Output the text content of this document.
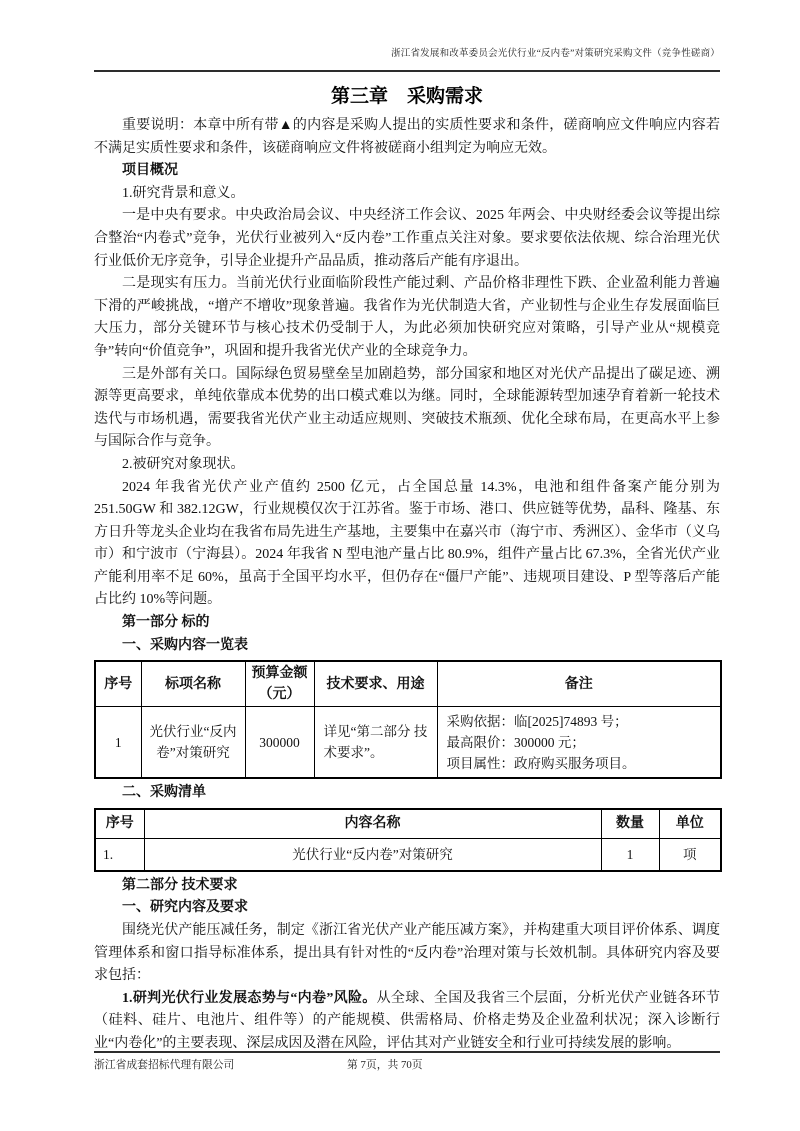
浙江省发展和改革委员会光伏行业“反内卷”对策研究采购文件（竞争性磋商）
第三章　采购需求

重要说明：本章中所有带▲的内容是采购人提出的实质性要求和条件，磋商响应文件响应内容若不满足实质性要求和条件，该磋商响应文件将被磋商小组判定为响应无效。

项目概况

1.研究背景和意义。

一是中央有要求。中央政治局会议、中央经济工作会议、2025 年两会、中央财经委会议等提出综合整治“内卷式”竞争，光伏行业被列入“反内卷”工作重点关注对象。要求要依法依规、综合治理光伏行业低价无序竞争，引导企业提升产品品质，推动落后产能有序退出。

二是现实有压力。当前光伏行业面临阶段性产能过剩、产品价格非理性下跌、企业盈利能力普遍下滑的严峻挑战，“增产不增收”现象普遍。我省作为光伏制造大省，产业韧性与企业生存发展面临巨大压力，部分关键环节与核心技术仍受制于人，为此必须加快研究应对策略，引导产业从“规模竞争”转向“价值竞争”，巩固和提升我省光伏产业的全球竞争力。

三是外部有关口。国际绿色贸易壁垒呈加剧趋势，部分国家和地区对光伏产品提出了碳足迹、溯源等更高要求，单纯依靠成本优势的出口模式难以为继。同时，全球能源转型加速孕育着新一轮技术迭代与市场机遇，需要我省光伏产业主动适应规则、突破技术瓶颈、优化全球布局，在更高水平上参与国际合作与竞争。

2.被研究对象现状。

2024 年我省光伏产业产值约 2500 亿元，占全国总量 14.3%，电池和组件备案产能分别为 251.50GW 和 382.12GW，行业规模仅次于江苏省。鉴于市场、港口、供应链等优势，晶科、隆基、东方日升等龙头企业均在我省布局先进生产基地，主要集中在嘉兴市（海宁市、秀洲区）、金华市（义乌市）和宁波市（宁海县）。2024 年我省 N 型电池产量占比 80.9%，组件产量占比 67.3%，全省光伏产业产能利用率不足 60%，虽高于全国平均水平，但仍存在“僵尸产能”、违规项目建设、P 型等落后产能占比约 10%等问题。

第一部分 标的

一、采购内容一览表

序号	标项名称	预算金额（元）	技术要求、用途	备注
1	光伏行业“反内卷”对策研究	300000	详见“第二部分 技术要求”。	采购依据：临[2025]74893 号；
最高限价：300000 元；
项目属性：政府购买服务项目。

二、采购清单

序号	内容名称	数量	单位
1.	光伏行业“反内卷”对策研究	1	项

第二部分 技术要求

一、研究内容及要求

围绕光伏产能压减任务，制定《浙江省光伏产业产能压减方案》，并构建重大项目评价体系、调度管理体系和窗口指导标准体系，提出具有针对性的“反内卷”治理对策与长效机制。具体研究内容及要求包括：

1.研判光伏行业发展态势与“内卷”风险。从全球、全国及我省三个层面，分析光伏产业链各环节（硅料、硅片、电池片、组件等）的产能规模、供需格局、价格走势及企业盈利状况；深入诊断行业“内卷化”的主要表现、深层成因及潜在风险，评估其对产业链安全和行业可持续发展的影响。

浙江省成套招标代理有限公司	第 7页，共 70页
